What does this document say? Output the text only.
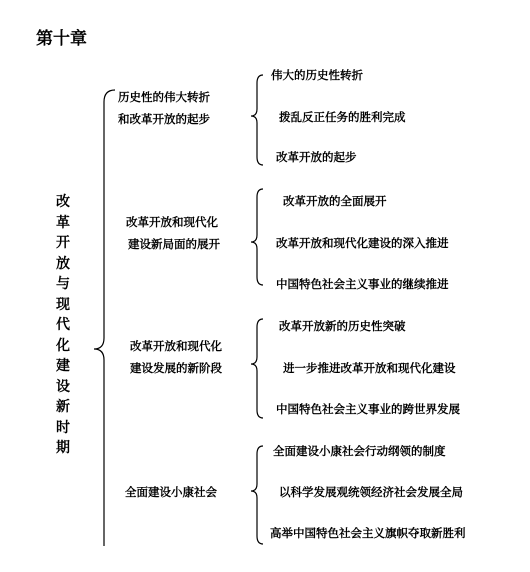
第十章
改
革
开
放
与
现
代
化
建
设
新
时
期
历史性的伟大转折
和改革开放的起步
改革开放和现代化
建设新局面的展开
改革开放和现代化
建设发展的新阶段
全面建设小康社会
伟大的历史性转折
拨乱反正任务的胜利完成
改革开放的起步
改革开放的全面展开
改革开放和现代化建设的深入推进
中国特色社会主义事业的继续推进
改革开放新的历史性突破
进一步推进改革开放和现代化建设
中国特色社会主义事业的跨世界发展
全面建设小康社会行动纲领的制度
以科学发展观统领经济社会发展全局
高举中国特色社会主义旗帜夺取新胜利
